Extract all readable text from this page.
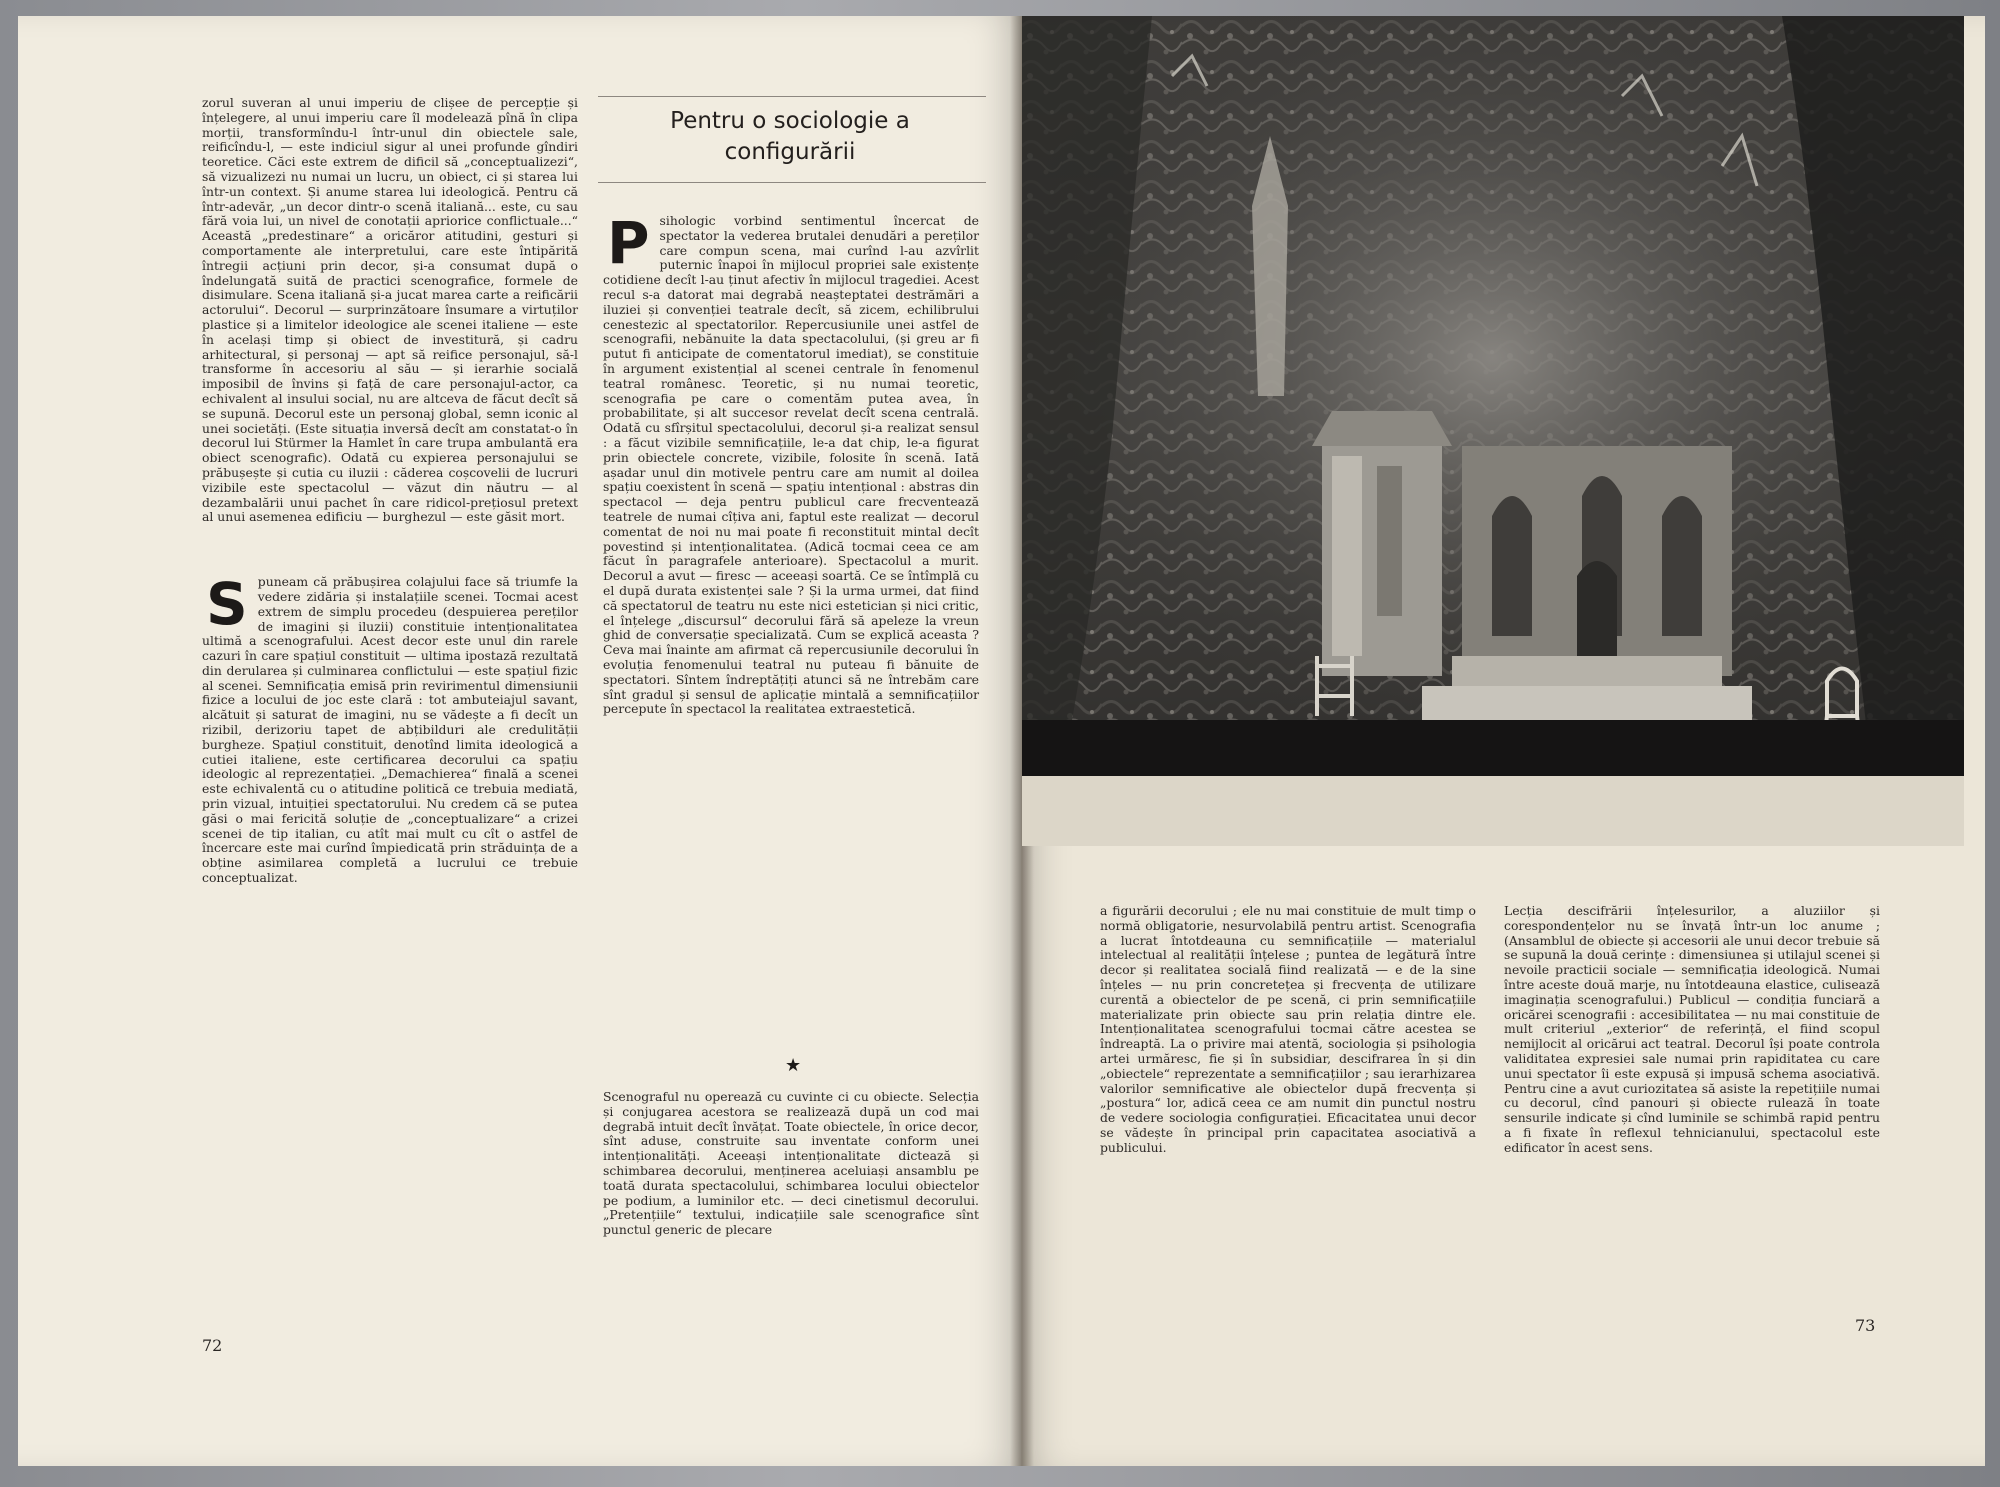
zorul suveran al unui imperiu de clișee de percepție și înțelegere, al unui imperiu care îl modelează pînă în clipa morții, transformîndu-l într-unul din obiectele sale, reificîndu-l, — este indiciul sigur al unei profunde gîndiri teoretice. Căci este extrem de dificil să „conceptualizezi“, să vizualizezi nu numai un lucru, un obiect, ci și starea lui într-un context. Și anume starea lui ideologică. Pentru că într-adevăr, „un decor dintr-o scenă italiană... este, cu sau fără voia lui, un nivel de conotații apriorice conflictuale...“ Această „predestinare“ a oricăror atitudini, gesturi și comportamente ale interpretului, care este întipărită întregii acțiuni prin decor, și-a consumat după o îndelungată suită de practici scenografice, formele de disimulare. Scena italiană și-a jucat marea carte a reificării actorului“. Decorul — surprinzătoare însumare a virtuților plastice și a limitelor ideologice ale scenei italiene — este în același timp și obiect de investitură, și cadru arhitectural, și personaj — apt să reifice personajul, să-l transforme în accesoriu al său — și ierarhie socială imposibil de învins și față de care personajul-actor, ca echivalent al insului social, nu are altceva de făcut decît să se supună. Decorul este un personaj global, semn iconic al unei societăți. (Este situația inversă decît am constatat-o în decorul lui Stürmer la Hamlet în care trupa ambulantă era obiect scenografic). Odată cu expierea personajului se prăbușește și cutia cu iluzii : căderea coșcovelii de lucruri vizibile este spectacolul — văzut din năutru — al dezambalării unui pachet în care ridicol-prețiosul pretext al unui asemenea edificiu — burghezul — este găsit mort.

Spuneam că prăbușirea colajului face să triumfe la vedere zidăria și instalațiile scenei. Tocmai acest extrem de simplu procedeu (despuierea pereților de imagini și iluzii) constituie intenționalitatea ultimă a scenografului. Acest decor este unul din rarele cazuri în care spațiul constituit — ultima ipostază rezultată din derularea și culminarea conflictului — este spațiul fizic al scenei. Semnificația emisă prin revirimentul dimensiunii fizice a locului de joc este clară : tot ambuteiajul savant, alcătuit și saturat de imagini, nu se vădește a fi decît un rizibil, derizoriu tapet de abțibilduri ale credulității burgheze. Spațiul constituit, denotînd limita ideologică a cutiei italiene, este certificarea decorului ca spațiu ideologic al reprezentației. „Demachierea“ finală a scenei este echivalentă cu o atitudine politică ce trebuia mediată, prin vizual, intuiției spectatorului. Nu credem că se putea găsi o mai fericită soluție de „conceptualizare“ a crizei scenei de tip italian, cu atît mai mult cu cît o astfel de încercare este mai curînd împiedicată prin străduința de a obține asimilarea completă a lucrului ce trebuie conceptualizat.

Pentru o sociologie a configurării

Psihologic vorbind sentimentul încercat de spectator la vederea brutalei denudări a pereților care compun scena, mai curînd l-au azvîrlit puternic înapoi în mijlocul propriei sale existențe cotidiene decît l-au ținut afectiv în mijlocul tragediei. Acest recul s-a datorat mai degrabă neașteptatei destrămări a iluziei și convenției teatrale decît, să zicem, echilibrului cenestezic al spectatorilor. Repercusiunile unei astfel de scenografii, nebănuite la data spectacolului, (și greu ar fi putut fi anticipate de comentatorul imediat), se constituie în argument existențial al scenei centrale în fenomenul teatral românesc. Teoretic, și nu numai teoretic, scenografia pe care o comentăm putea avea, în probabilitate, și alt succesor revelat decît scena centrală. Odată cu sfîrșitul spectacolului, decorul și-a realizat sensul : a făcut vizibile semnificațiile, le-a dat chip, le-a figurat prin obiectele concrete, vizibile, folosite în scenă. Iată așadar unul din motivele pentru care am numit al doilea spațiu coexistent în scenă — spațiu intențional : abstras din spectacol — deja pentru publicul care frecventează teatrele de numai cîțiva ani, faptul este realizat — decorul comentat de noi nu mai poate fi reconstituit mintal decît povestind și intenționalitatea. (Adică tocmai ceea ce am făcut în paragrafele anterioare). Spectacolul a murit. Decorul a avut — firesc — aceeași soartă. Ce se întîmplă cu el după durata existenței sale ? Și la urma urmei, dat fiind că spectatorul de teatru nu este nici estetician și nici critic, el înțelege „discursul“ decorului fără să apeleze la vreun ghid de conversație specializată. Cum se explică aceasta ? Ceva mai înainte am afirmat că repercusiunile decorului în evoluția fenomenului teatral nu puteau fi bănuite de spectatori. Sîntem îndreptățiți atunci să ne întrebăm care sînt gradul și sensul de aplicație mintală a semnificațiilor percepute în spectacol la realitatea extraestetică.

★

Scenograful nu operează cu cuvinte ci cu obiecte. Selecția și conjugarea acestora se realizează după un cod mai degrabă intuit decît învățat. Toate obiectele, în orice decor, sînt aduse, construite sau inventate conform unei intenționalități. Aceeași intenționalitate dictează și schimbarea decorului, menținerea aceluiași ansamblu pe toată durata spectacolului, schimbarea locului obiectelor pe podium, a luminilor etc. — deci cinetismul decorului. „Pretențiile“ textului, indicațiile sale scenografice sînt punctul generic de plecare

72

a figurării decorului ; ele nu mai constituie de mult timp o normă obligatorie, nesurvolabilă pentru artist. Scenografia a lucrat întotdeauna cu semnificațiile — materialul intelectual al realității înțelese ; puntea de legătură între decor și realitatea socială fiind realizată — e de la sine înțeles — nu prin concretețea și frecvența de utilizare curentă a obiectelor de pe scenă, ci prin semnificațiile materializate prin obiecte sau prin relația dintre ele. Intenționalitatea scenografului tocmai către acestea se îndreaptă. La o privire mai atentă, sociologia și psihologia artei urmăresc, fie și în subsidiar, descifrarea în și din „obiectele“ reprezentate a semnificațiilor ; sau ierarhizarea valorilor semnificative ale obiectelor după frecvența și „postura“ lor, adică ceea ce am numit din punctul nostru de vedere sociologia configurației. Eficacitatea unui decor se vădește în principal prin capacitatea asociativă a publicului.

Lecția descifrării înțelesurilor, a aluziilor și corespondențelor nu se învață într-un loc anume ; (Ansamblul de obiecte și accesorii ale unui decor trebuie să se supună la două cerințe : dimensiunea și utilajul scenei și nevoile practicii sociale — semnificația ideologică. Numai între aceste două marje, nu întotdeauna elastice, culisează imaginația scenografului.) Publicul — condiția funciară a oricărei scenografii : accesibilitatea — nu mai constituie de mult criteriul „exterior“ de referință, el fiind scopul nemijlocit al oricărui act teatral. Decorul își poate controla validitatea expresiei sale numai prin rapiditatea cu care unui spectator îi este expusă și impusă schema asociativă. Pentru cine a avut curiozitatea să asiste la repetițiile numai cu decorul, cînd panouri și obiecte rulează în toate sensurile indicate și cînd luminile se schimbă rapid pentru a fi fixate în reflexul tehnicianului, spectacolul este edificator în acest sens.

73
